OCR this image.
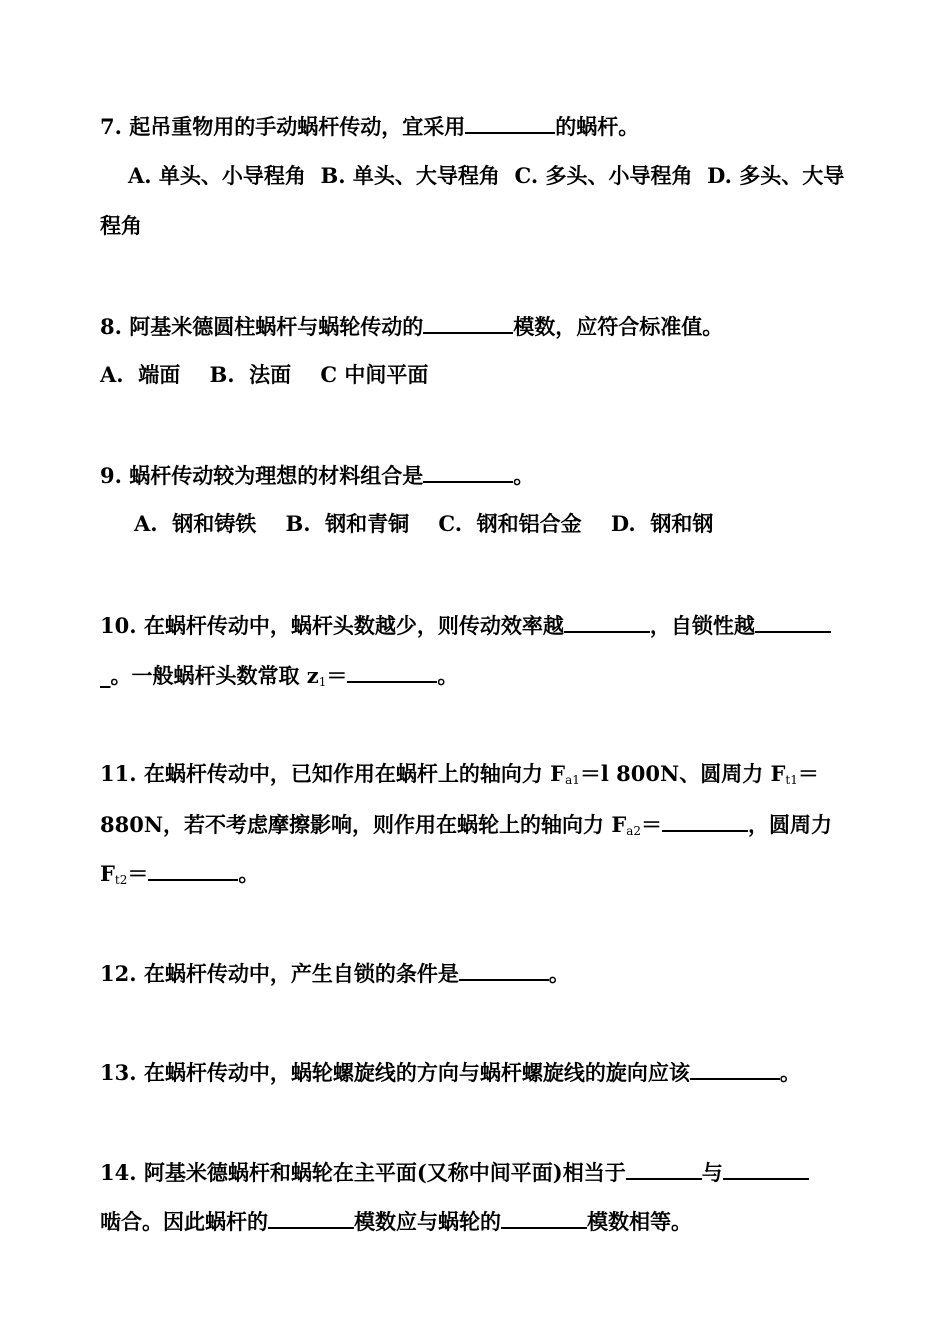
7. 起吊重物用的手动蜗杆传动，宜采用	的蜗杆。
A. 单头、小导程角  B. 单头、大导程角  C. 多头、小导程角  D. 多头、大导
程角
8. 阿基米德圆柱蜗杆与蜗轮传动的	模数，应符合标准值。
A.  端面    B.  法面    C 中间平面
9. 蜗杆传动较为理想的材料组合是	。
A.  钢和铸铁    B.  钢和青铜    C.  钢和铝合金    D.  钢和钢
10. 在蜗杆传动中，蜗杆头数越少，则传动效率越	，自锁性越
_。一般蜗杆头数常取 $z_1=$	。
11. 在蜗杆传动中，已知作用在蜗杆上的轴向力 $F_{a1}=l$ 800N、圆周力 $F_{t1}=$
880N，若不考虑摩擦影响，则作用在蜗轮上的轴向力 $F_{a2}=$	，圆周力
$F_{t2}=$	。
12. 在蜗杆传动中，产生自锁的条件是	。
13. 在蜗杆传动中，蜗轮螺旋线的方向与蜗杆螺旋线的旋向应该	。
14. 阿基米德蜗杆和蜗轮在主平面(又称中间平面)相当于	与
啮合。因此蜗杆的	模数应与蜗轮的	模数相等。
